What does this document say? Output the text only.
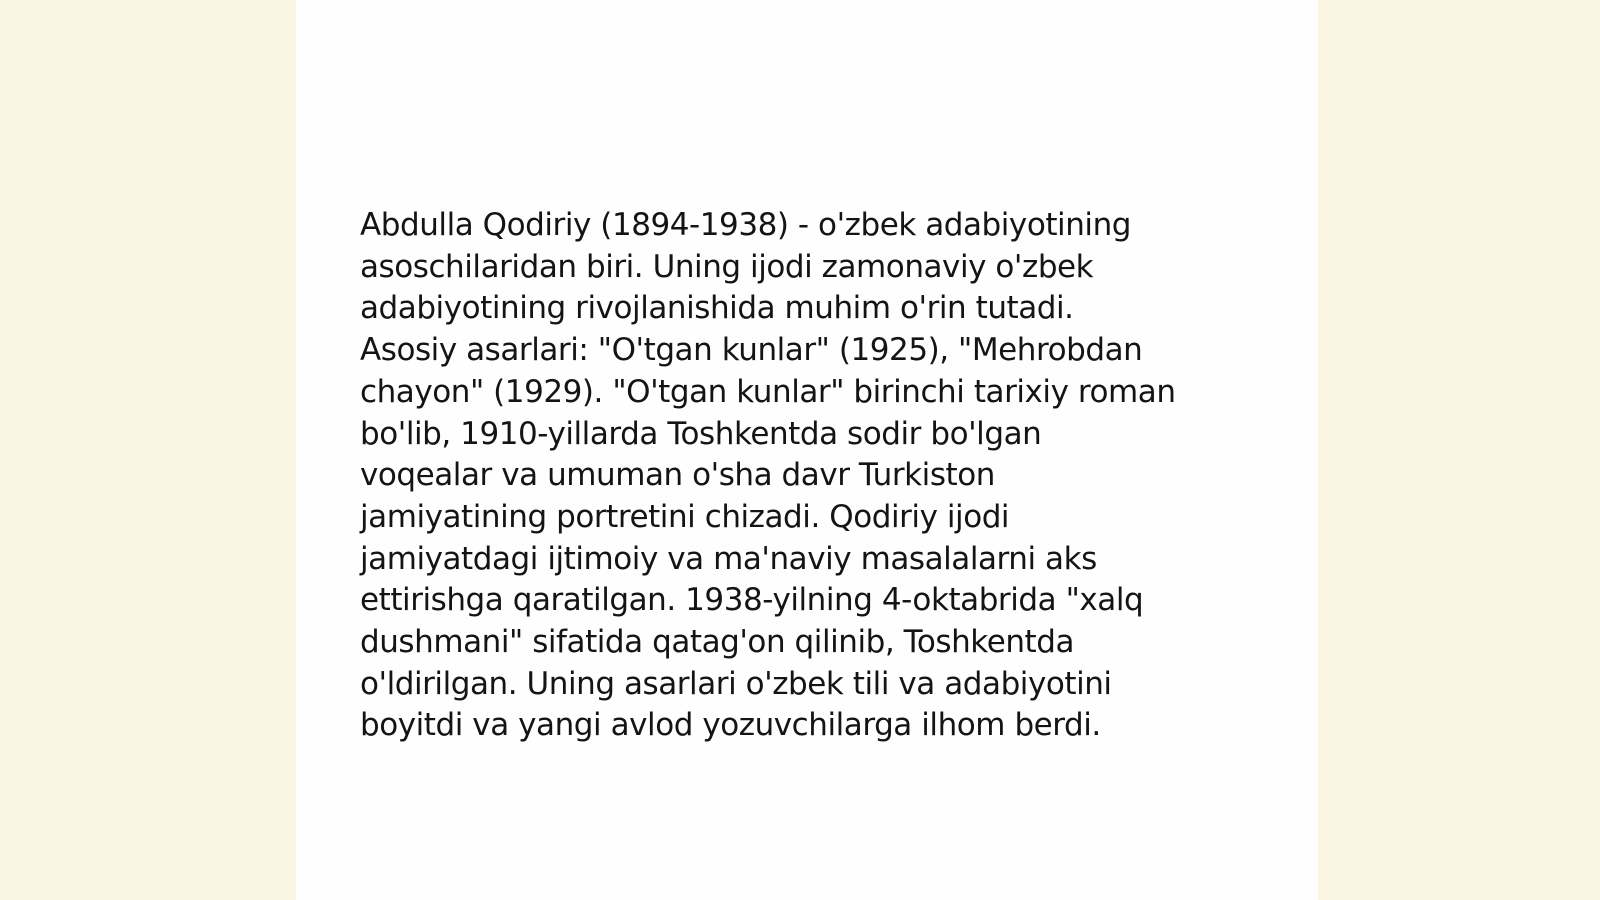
Abdulla Qodiriy (1894-1938) - o'zbek adabiyotining
asoschilaridan biri. Uning ijodi zamonaviy o'zbek
adabiyotining rivojlanishida muhim o'rin tutadi.
Asosiy asarlari: "O'tgan kunlar" (1925), "Mehrobdan
chayon" (1929). "O'tgan kunlar" birinchi tarixiy roman
bo'lib, 1910-yillarda Toshkentda sodir bo'lgan
voqealar va umuman o'sha davr Turkiston
jamiyatining portretini chizadi. Qodiriy ijodi
jamiyatdagi ijtimoiy va ma'naviy masalalarni aks
ettirishga qaratilgan. 1938-yilning 4-oktabrida "xalq
dushmani" sifatida qatag'on qilinib, Toshkentda
o'ldirilgan. Uning asarlari o'zbek tili va adabiyotini
boyitdi va yangi avlod yozuvchilarga ilhom berdi.
